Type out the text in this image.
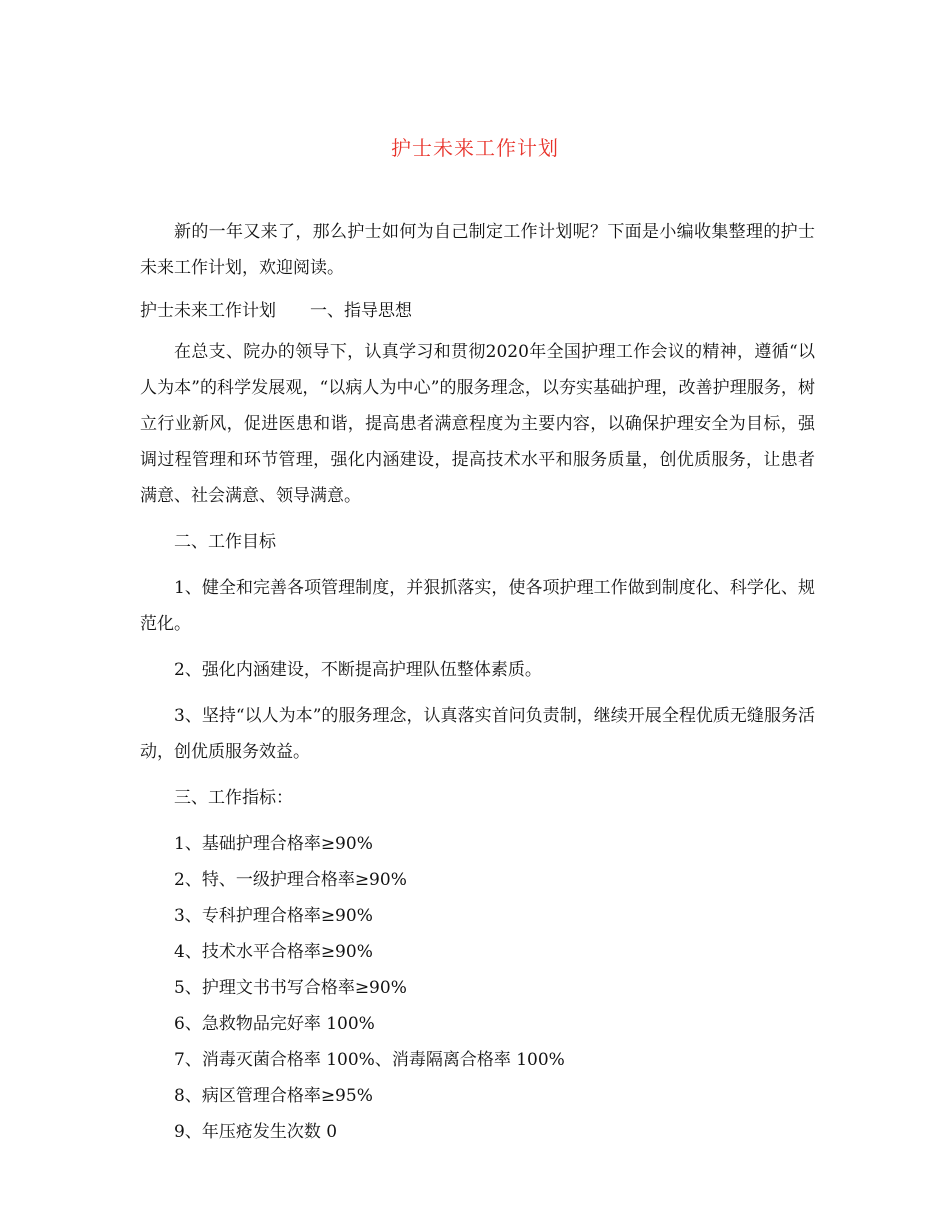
护士未来工作计划

新的一年又来了，那么护士如何为自己制定工作计划呢？下面是小编收集整理的护士未来工作计划，欢迎阅读。

护士未来工作计划　　一、指导思想

在总支、院办的领导下，认真学习和贯彻2020年全国护理工作会议的精神，遵循“以人为本”的科学发展观，“以病人为中心”的服务理念，以夯实基础护理，改善护理服务，树立行业新风，促进医患和谐，提高患者满意程度为主要内容，以确保护理安全为目标，强调过程管理和环节管理，强化内涵建设，提高技术水平和服务质量，创优质服务，让患者满意、社会满意、领导满意。

二、工作目标

1、健全和完善各项管理制度，并狠抓落实，使各项护理工作做到制度化、科学化、规范化。

2、强化内涵建设，不断提高护理队伍整体素质。

3、坚持“以人为本”的服务理念，认真落实首问负责制，继续开展全程优质无缝服务活动，创优质服务效益。

三、工作指标：

1、基础护理合格率≥90%

2、特、一级护理合格率≥90%

3、专科护理合格率≥90%

4、技术水平合格率≥90%

5、护理文书书写合格率≥90%

6、急救物品完好率 100%

7、消毒灭菌合格率 100%、消毒隔离合格率 100%

8、病区管理合格率≥95%

9、年压疮发生次数 0
